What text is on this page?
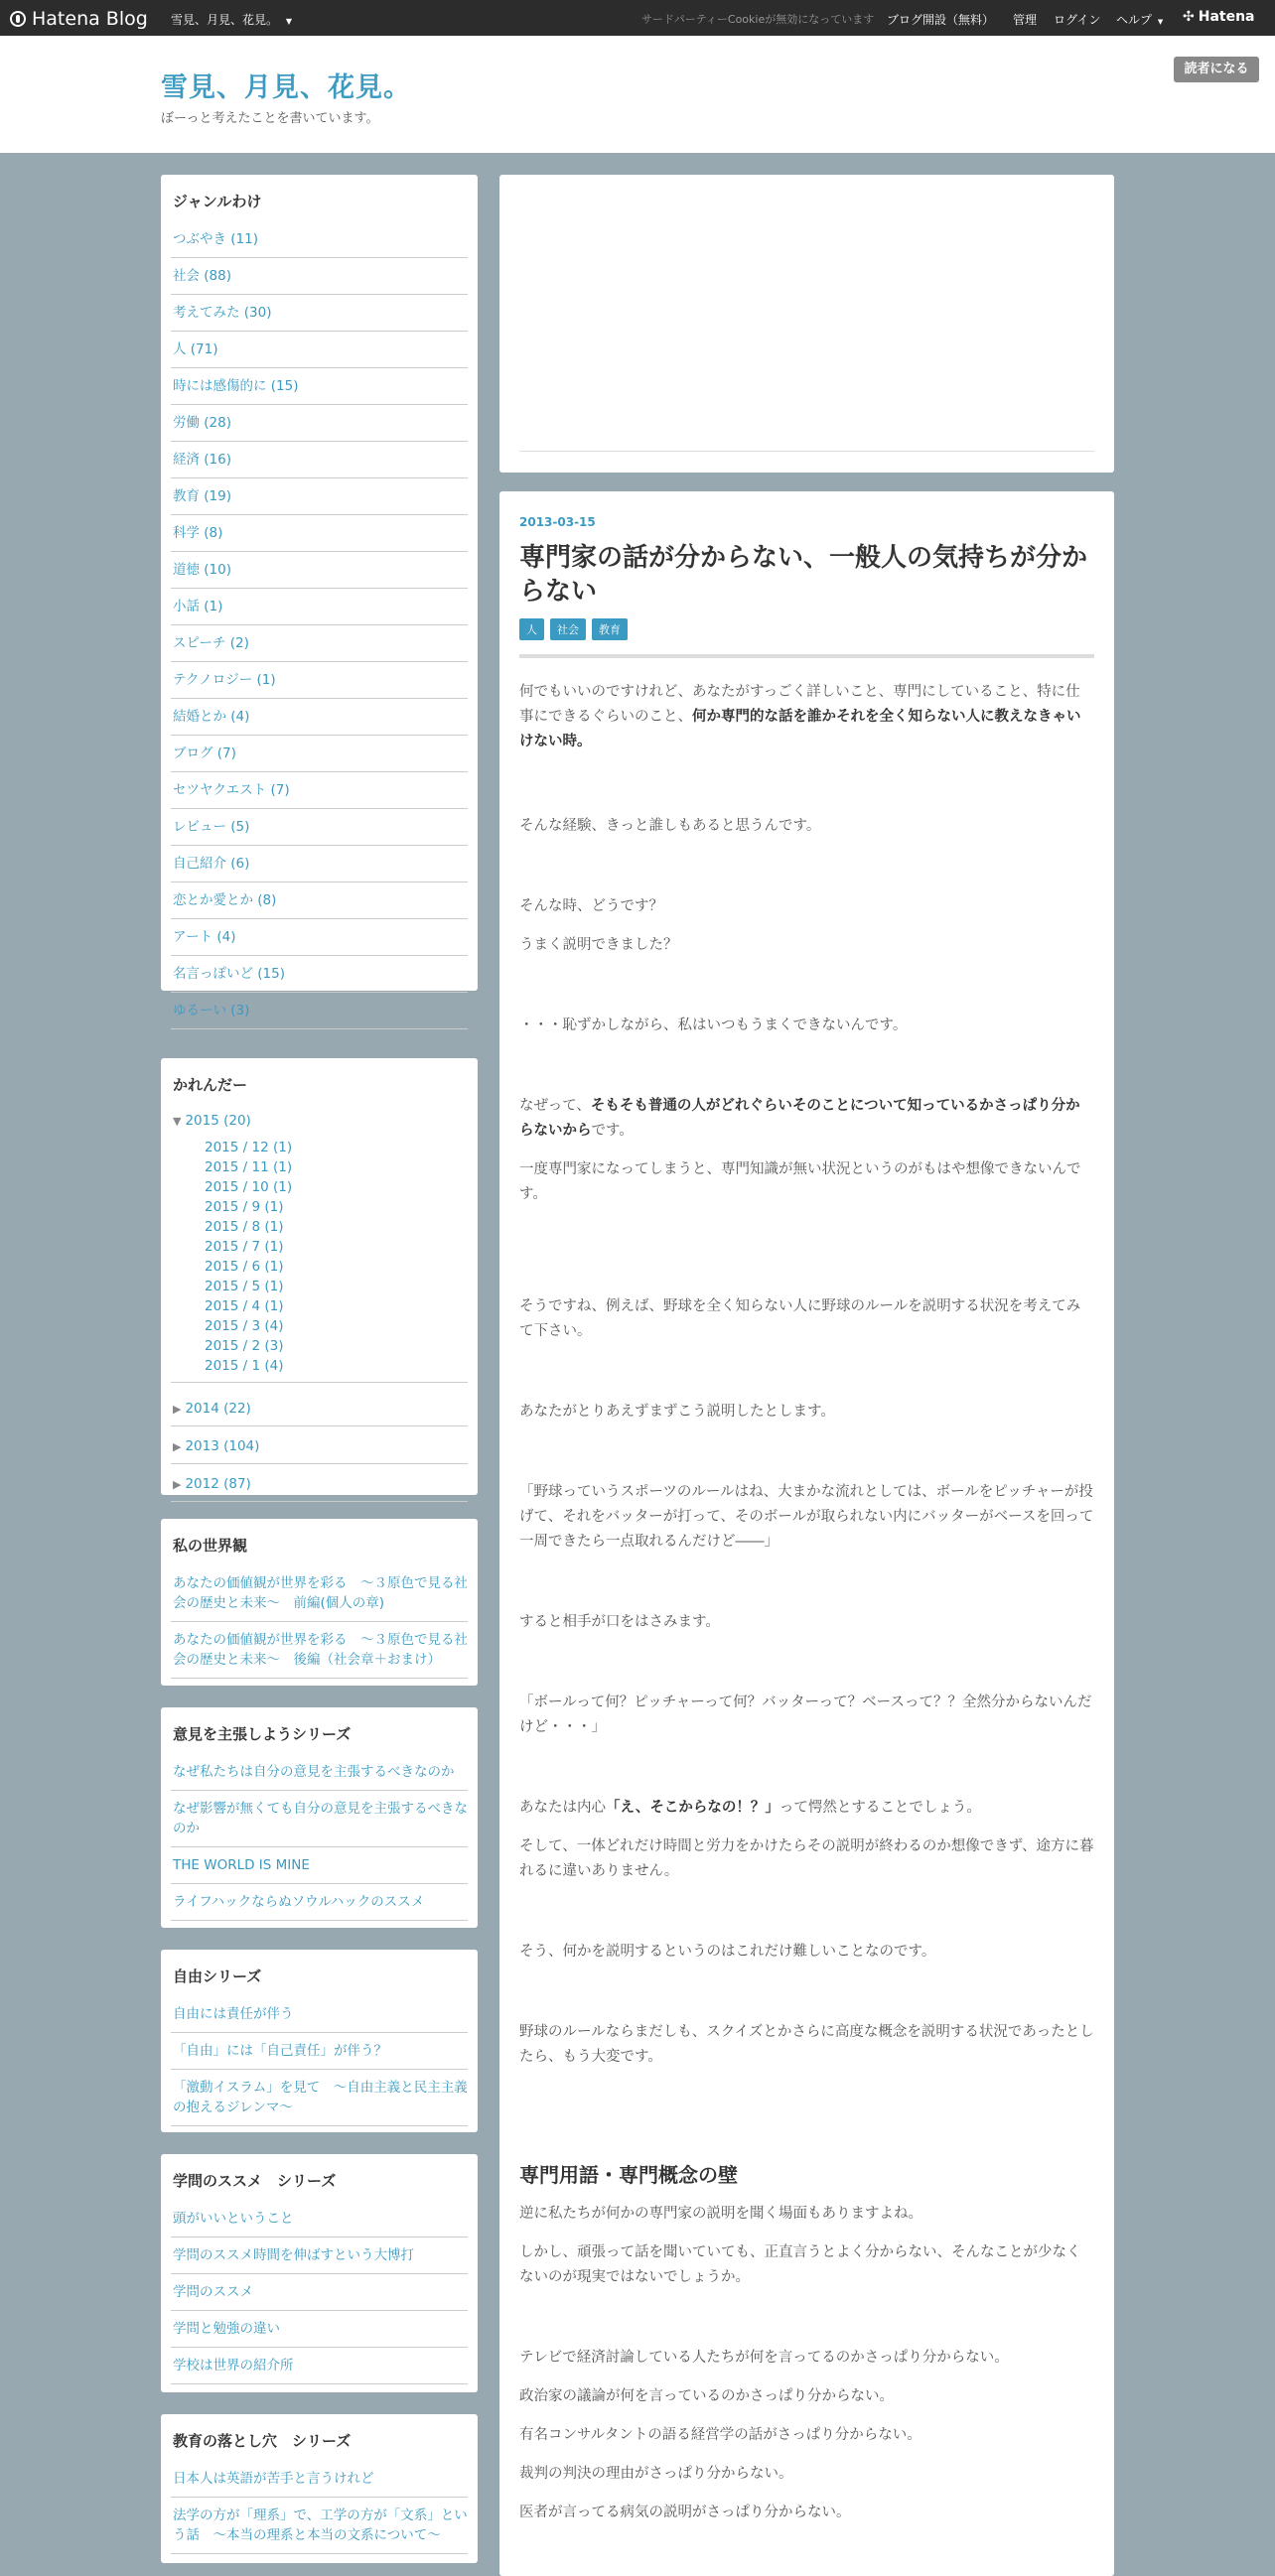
Hatena Blog 雪見、月見、花見。 ▼	サードパーティーCookieが無効になっています ブログ開設（無料） 管理 ログイン ヘルプ ▼ ✣ Hatena
雪見、月見、花見。
ぼーっと考えたことを書いています。
読者になる
ジャンルわけ
つぶやき (11)
社会 (88)
考えてみた (30)
人 (71)
時には感傷的に (15)
労働 (28)
経済 (16)
教育 (19)
科学 (8)
道徳 (10)
小話 (1)
スピーチ (2)
テクノロジー (1)
結婚とか (4)
ブログ (7)
セツヤクエスト (7)
レビュー (5)
自己紹介 (6)
恋とか愛とか (8)
アート (4)
名言っぽいど (15)
ゆるーい (3)
かれんだー
▼ 2015 (20)
2015 / 12 (1)
2015 / 11 (1)
2015 / 10 (1)
2015 / 9 (1)
2015 / 8 (1)
2015 / 7 (1)
2015 / 6 (1)
2015 / 5 (1)
2015 / 4 (1)
2015 / 3 (4)
2015 / 2 (3)
2015 / 1 (4)
▶ 2014 (22)
▶ 2013 (104)
▶ 2012 (87)
私の世界観
あなたの価値観が世界を彩る　～３原色で見る社会の歴史と未来～　前編(個人の章)
あなたの価値観が世界を彩る　～３原色で見る社会の歴史と未来～　後編（社会章＋おまけ）
意見を主張しようシリーズ
なぜ私たちは自分の意見を主張するべきなのか
なぜ影響が無くても自分の意見を主張するべきなのか
THE WORLD IS MINE
ライフハックならぬソウルハックのススメ
自由シリーズ
自由には責任が伴う
「自由」には「自己責任」が伴う？
「激動イスラム」を見て　～自由主義と民主主義の抱えるジレンマ～
学問のススメ　シリーズ
頭がいいということ
学問のススメ時間を伸ばすという大博打
学問のススメ
学問と勉強の違い
学校は世界の紹介所
教育の落とし穴　シリーズ
日本人は英語が苦手と言うけれど
法学の方が「理系」で、工学の方が「文系」という話　～本当の理系と本当の文系について～
2013-03-15
専門家の話が分からない、一般人の気持ちが分からない
人	社会	教育

何でもいいのですけれど、あなたがすっごく詳しいこと、専門にしていること、特に仕事にできるぐらいのこと、何か専門的な話を誰かそれを全く知らない人に教えなきゃいけない時。

そんな経験、きっと誰しもあると思うんです。

そんな時、どうです？

うまく説明できました？

・・・恥ずかしながら、私はいつもうまくできないんです。

なぜって、そもそも普通の人がどれぐらいそのことについて知っているかさっぱり分からないからです。

一度専門家になってしまうと、専門知識が無い状況というのがもはや想像できないんです。

そうですね、例えば、野球を全く知らない人に野球のルールを説明する状況を考えてみて下さい。

あなたがとりあえずまずこう説明したとします。

「野球っていうスポーツのルールはね、大まかな流れとしては、ボールをピッチャーが投げて、それをバッターが打って、そのボールが取られない内にバッターがベースを回って一周できたら一点取れるんだけど――」

すると相手が口をはさみます。

「ボールって何？ピッチャーって何？バッターって？ベースって？？全然分からないんだけど・・・」

あなたは内心「え、そこからなの！？」って愕然とすることでしょう。

そして、一体どれだけ時間と労力をかけたらその説明が終わるのか想像できず、途方に暮れるに違いありません。

そう、何かを説明するというのはこれだけ難しいことなのです。

野球のルールならまだしも、スクイズとかさらに高度な概念を説明する状況であったとしたら、もう大変です。

専門用語・専門概念の壁

逆に私たちが何かの専門家の説明を聞く場面もありますよね。

しかし、頑張って話を聞いていても、正直言うとよく分からない、そんなことが少なくないのが現実ではないでしょうか。

テレビで経済討論している人たちが何を言ってるのかさっぱり分からない。

政治家の議論が何を言っているのかさっぱり分からない。

有名コンサルタントの語る経営学の話がさっぱり分からない。

裁判の判決の理由がさっぱり分からない。

医者が言ってる病気の説明がさっぱり分からない。
